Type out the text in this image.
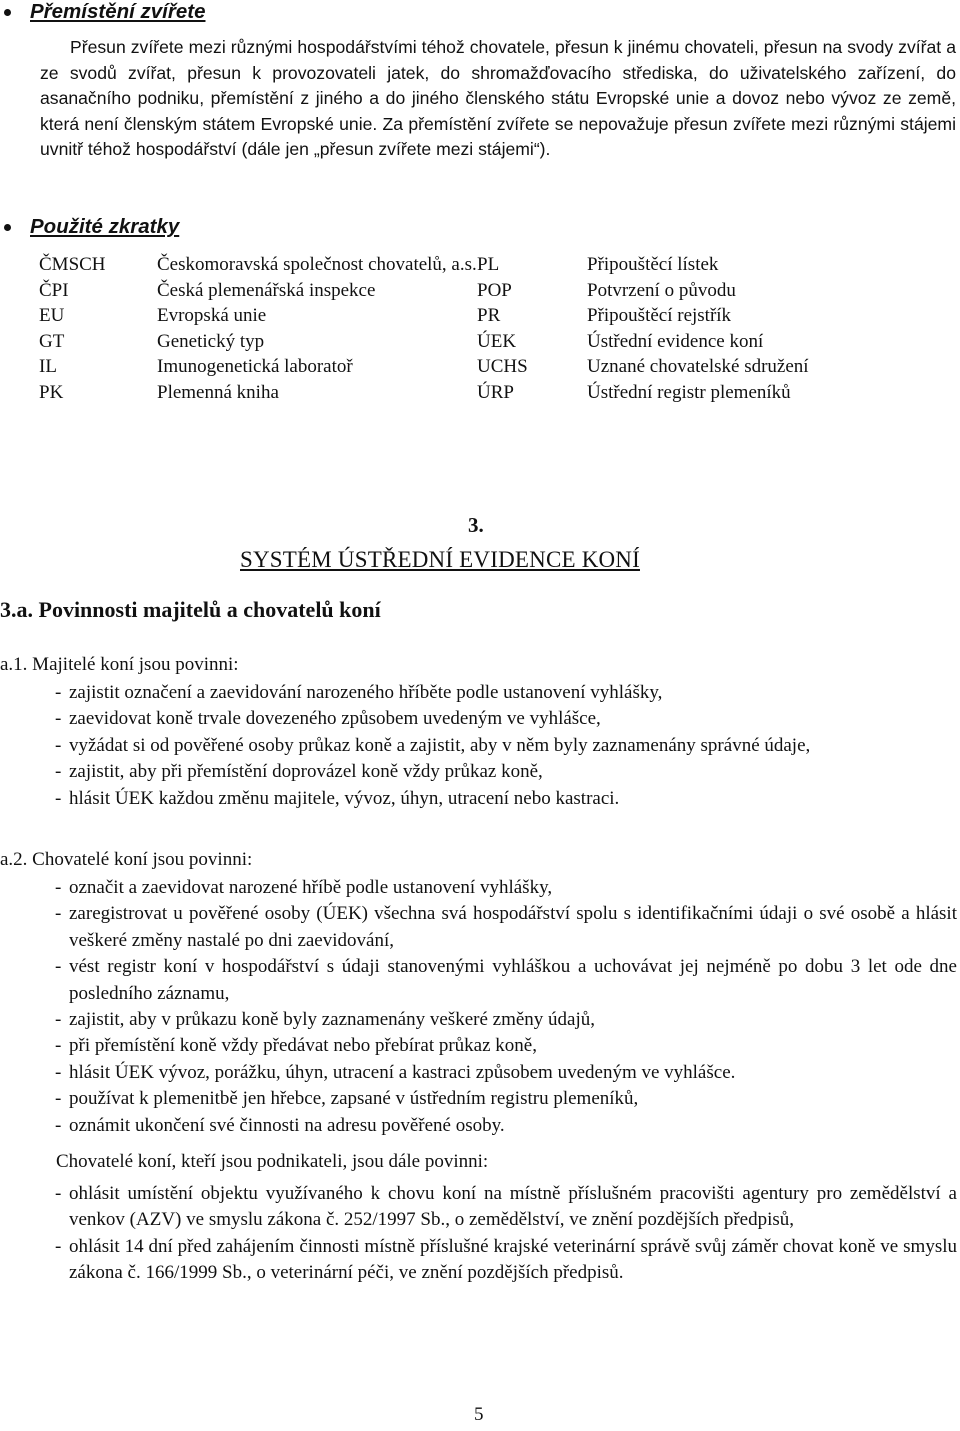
Přemístění zvířete

Přesun zvířete mezi různými hospodářstvími téhož chovatele, přesun k jinému chovateli, přesun na svody zvířat a ze svodů zvířat, přesun k provozovateli jatek, do shromažďovacího střediska, do uživatelského zařízení, do asanačního podniku, přemístění z jiného a do jiného členského státu Evropské unie a dovoz nebo vývoz ze země, která není členským státem Evropské unie. Za přemístění zvířete se nepovažuje přesun zvířete mezi různými stájemi uvnitř téhož hospodářství (dále jen „přesun zvířete mezi stájemi“).

Použité zkratky
ČMSCH	Českomoravská společnost chovatelů, a.s.	PL	Připouštěcí lístek
ČPI	Česká plemenářská inspekce	POP	Potvrzení o původu
EU	Evropská unie	PR	Připouštěcí rejstřík
GT	Genetický typ	ÚEK	Ústřední evidence koní
IL	Imunogenetická laboratoř	UCHS	Uznané chovatelské sdružení
PK	Plemenná kniha	ÚRP	Ústřední registr plemeníků
3.
SYSTÉM ÚSTŘEDNÍ EVIDENCE KONÍ
3.a. Povinnosti majitelů a chovatelů koní
a.1. Majitelé koní jsou povinni:
- zajistit označení a zaevidování narozeného hříběte podle ustanovení vyhlášky,
- zaevidovat koně trvale dovezeného způsobem uvedeným ve vyhlášce,
- vyžádat si od pověřené osoby průkaz koně a zajistit, aby v něm byly zaznamenány správné údaje,
- zajistit, aby při přemístění doprovázel koně vždy průkaz koně,
- hlásit ÚEK každou změnu majitele, vývoz, úhyn, utracení nebo kastraci.
a.2. Chovatelé koní jsou povinni:
- označit a zaevidovat narozené hříbě podle ustanovení vyhlášky,
- zaregistrovat u pověřené osoby (ÚEK) všechna svá hospodářství spolu s identifikačními údaji o své osobě a hlásit veškeré změny nastalé po dni zaevidování,
- vést registr koní v hospodářství s údaji stanovenými vyhláškou a uchovávat jej nejméně po dobu 3 let ode dne posledního záznamu,
- zajistit, aby v průkazu koně byly zaznamenány veškeré změny údajů,
- při přemístění koně vždy předávat nebo přebírat průkaz koně,
- hlásit ÚEK vývoz, porážku, úhyn, utracení a kastraci způsobem uvedeným ve vyhlášce.
- používat k plemenitbě jen hřebce, zapsané v ústředním registru plemeníků,
- oznámit ukončení své činnosti na adresu pověřené osoby.
Chovatelé koní, kteří jsou podnikateli, jsou dále povinni:
- ohlásit umístění objektu využívaného k chovu koní na místně příslušném pracovišti agentury pro zemědělství a venkov (AZV) ve smyslu zákona č. 252/1997 Sb., o zemědělství, ve znění pozdějších předpisů,
- ohlásit 14 dní před zahájením činnosti místně příslušné krajské veterinární správě svůj záměr chovat koně ve smyslu zákona č. 166/1999 Sb., o veterinární péči, ve znění pozdějších předpisů.
5
